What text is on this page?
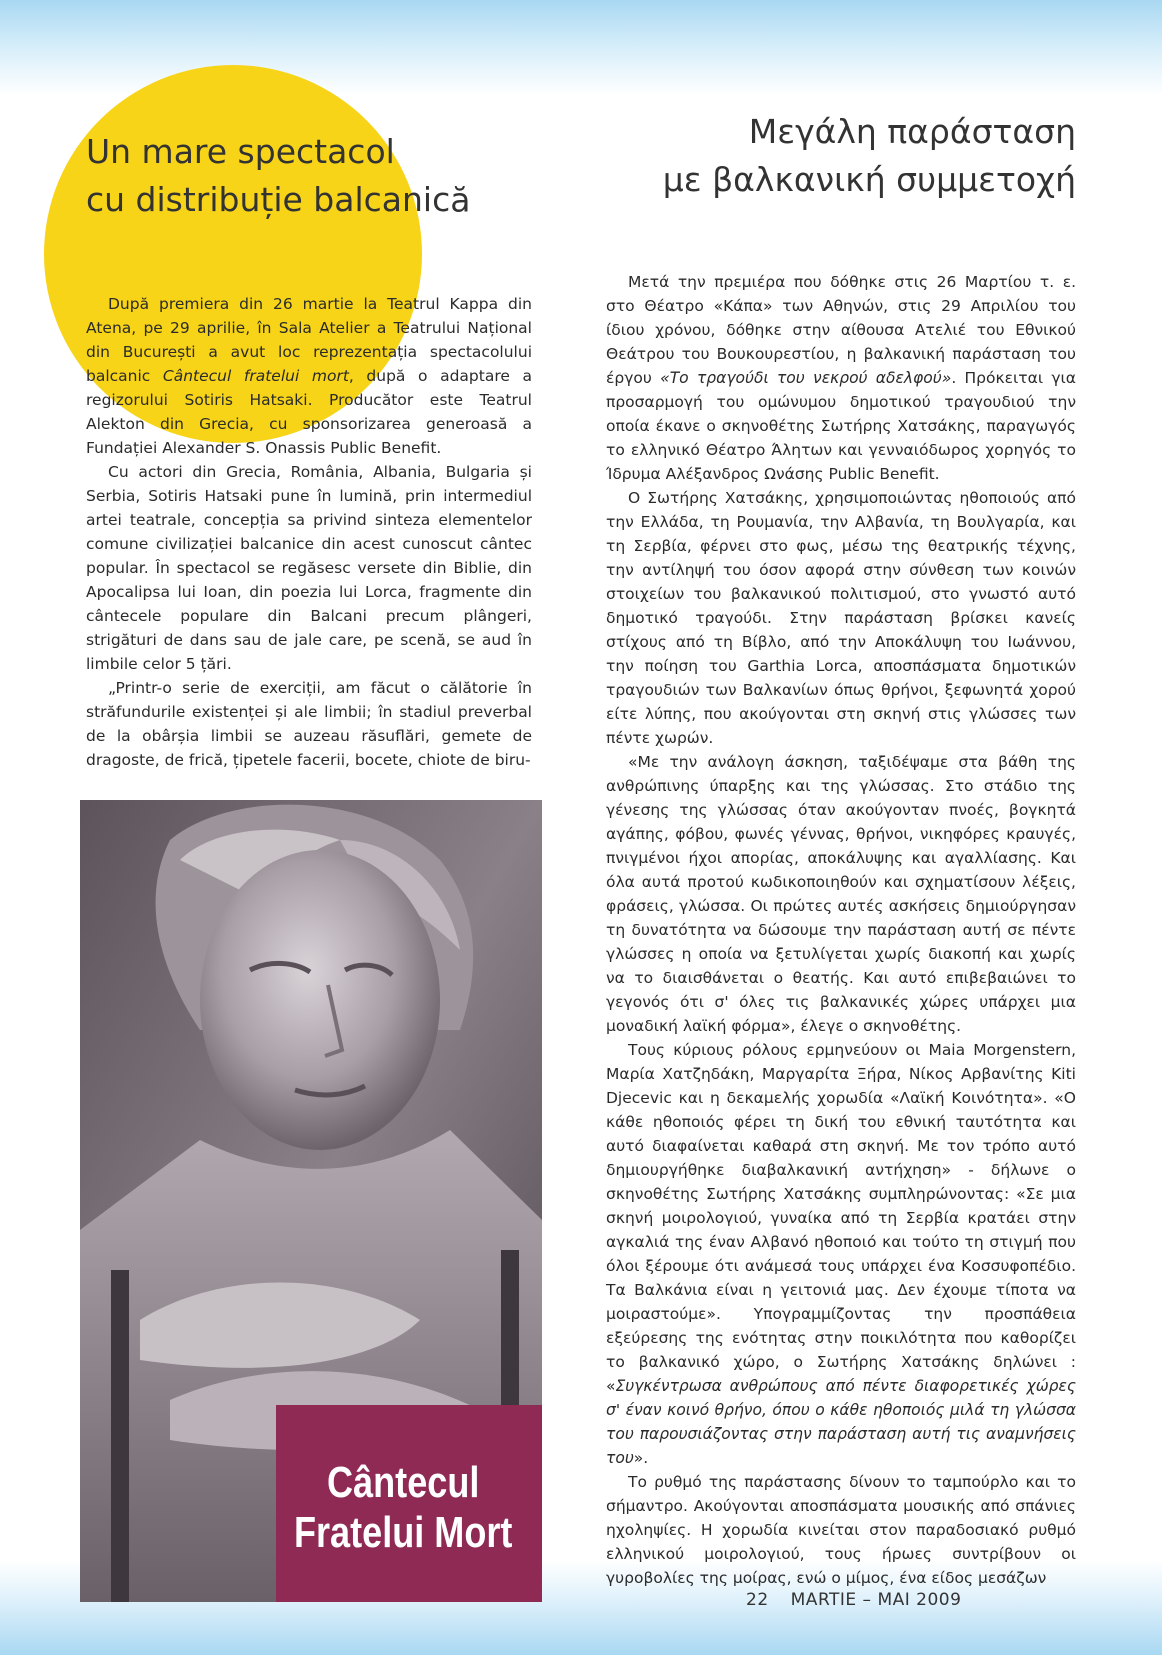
Un mare spectacol
cu distribuție balcanică
Μεγάλη παράσταση
με βαλκανική συμμετοχή

După premiera din 26 martie la Teatrul Kappa din Atena, pe 29 aprilie, în Sala Atelier a Teatrului Național din București a avut loc reprezentația spectacolului balcanic Cântecul fratelui mort, după o adaptare a regizorului Sotiris Hatsaki. Producător este Teatrul Alekton din Grecia, cu sponsorizarea generoasă a Fundației Alexander S. Onassis Public Benefit.

Cu actori din Grecia, România, Albania, Bulgaria și Serbia, Sotiris Hatsaki pune în lumină, prin intermediul artei teatrale, concepția sa privind sinteza elementelor comune civilizației balcanice din acest cunoscut cântec popular. În spectacol se regăsesc versete din Biblie, din Apocalipsa lui Ioan, din poezia lui Lorca, fragmente din cântecele populare din Balcani precum plângeri, strigături de dans sau de jale care, pe scenă, se aud în limbile celor 5 țări.

„Printr-o serie de exerciții, am făcut o călătorie în străfundurile existenței și ale limbii; în stadiul preverbal de la obârșia limbii se auzeau răsuflări, gemete de dragoste, de frică, țipetele facerii, bocete, chiote de biru-

Μετά την πρεμιέρα που δόθηκε στις 26 Μαρτίου τ. ε. στο Θέατρο «Κάπα» των Αθηνών, στις 29 Απριλίου του ίδιου χρόνου, δόθηκε στην αίθουσα Ατελιέ του Εθνικού Θεάτρου του Βουκουρεστίου, η βαλκανική παράσταση του έργου «Το τραγούδι του νεκρού αδελφού». Πρόκειται για προσαρμογή του ομώνυμου δημοτικού τραγουδιού την οποία έκανε ο σκηνοθέτης Σωτήρης Χατσάκης, παραγωγός το ελληνικό Θέατρο Άλητων και γενναιόδωρος χορηγός το Ίδρυμα Αλέξανδρος Ωνάσης Public Benefit.

Ο Σωτήρης Χατσάκης, χρησιμοποιώντας ηθοποιούς από την Ελλάδα, τη Ρουμανία, την Αλβανία, τη Βουλγαρία, και τη Σερβία, φέρνει στο φως, μέσω της θεατρικής τέχνης, την αντίληψή του όσον αφορά στην σύνθεση των κοινών στοιχείων του βαλκανικού πολιτισμού, στο γνωστό αυτό δημοτικό τραγούδι. Στην παράσταση βρίσκει κανείς στίχους από τη Βίβλο, από την Αποκάλυψη του Ιωάννου, την ποίηση του Garthia Lorca, αποσπάσματα δημοτικών τραγουδιών των Βαλκανίων όπως θρήνοι, ξεφωνητά χορού είτε λύπης, που ακούγονται στη σκηνή στις γλώσσες των πέντε χωρών.

«Με την ανάλογη άσκηση, ταξιδέψαμε στα βάθη της ανθρώπινης ύπαρξης και της γλώσσας. Στο στάδιο της γένεσης της γλώσσας όταν ακούγονταν πνοές, βογκητά αγάπης, φόβου, φωνές γέννας, θρήνοι, νικηφόρες κραυγές, πνιγμένοι ήχοι απορίας, αποκάλυψης και αγαλλίασης. Και όλα αυτά προτού κωδικοποιηθούν και σχηματίσουν λέξεις, φράσεις, γλώσσα. Οι πρώτες αυτές ασκήσεις δημιούργησαν τη δυνατότητα να δώσουμε την παράσταση αυτή σε πέντε γλώσσες η οποία να ξετυλίγεται χωρίς διακοπή και χωρίς να το διαισθάνεται ο θεατής. Και αυτό επιβεβαιώνει το γεγονός ότι σ' όλες τις βαλκανικές χώρες υπάρχει μια μοναδική λαϊκή φόρμα», έλεγε ο σκηνοθέτης.

Τους κύριους ρόλους ερμηνεύουν οι Maia Morgenstern, Μαρία Χατζηδάκη, Μαργαρίτα Ξήρα, Νίκος Αρβανίτης Kiti Djecevic και η δεκαμελής χορωδία «Λαϊκή Κοινότητα». «Ο κάθε ηθοποιός φέρει τη δική του εθνική ταυτότητα και αυτό διαφαίνεται καθαρά στη σκηνή. Με τον τρόπο αυτό δημιουργήθηκε διαβαλκανική αντήχηση» - δήλωνε ο σκηνοθέτης Σωτήρης Χατσάκης συμπληρώνοντας: «Σε μια σκηνή μοιρολογιού, γυναίκα από τη Σερβία κρατάει στην αγκαλιά της έναν Αλβανό ηθοποιό και τούτο τη στιγμή που όλοι ξέρουμε ότι ανάμεσά τους υπάρχει ένα Κοσσυφοπέδιο. Τα Βαλκάνια είναι η γειτονιά μας. Δεν έχουμε τίποτα να μοιραστούμε». Υπογραμμίζοντας την προσπάθεια εξεύρεσης της ενότητας στην ποικιλότητα που καθορίζει το βαλκανικό χώρο, ο Σωτήρης Χατσάκης δηλώνει : «Συγκέντρωσα ανθρώπους από πέντε διαφορετικές χώρες σ' έναν κοινό θρήνο, όπου ο κάθε ηθοποιός μιλά τη γλώσσα του παρουσιάζοντας στην παράσταση αυτή τις αναμνήσεις του».

Το ρυθμό της παράστασης δίνουν το ταμπούρλο και το σήμαντρο. Ακούγονται αποσπάσματα μουσικής από σπάνιες ηχοληψίες. Η χορωδία κινείται στον παραδοσιακό ρυθμό ελληνικού μοιρολογιού, τους ήρωες συντρίβουν οι γυροβολίες της μοίρας, ενώ ο μίμος, ένα είδος μεσάζων

Cântecul
Fratelui Mort
22 MARTIE – MAI 2009
